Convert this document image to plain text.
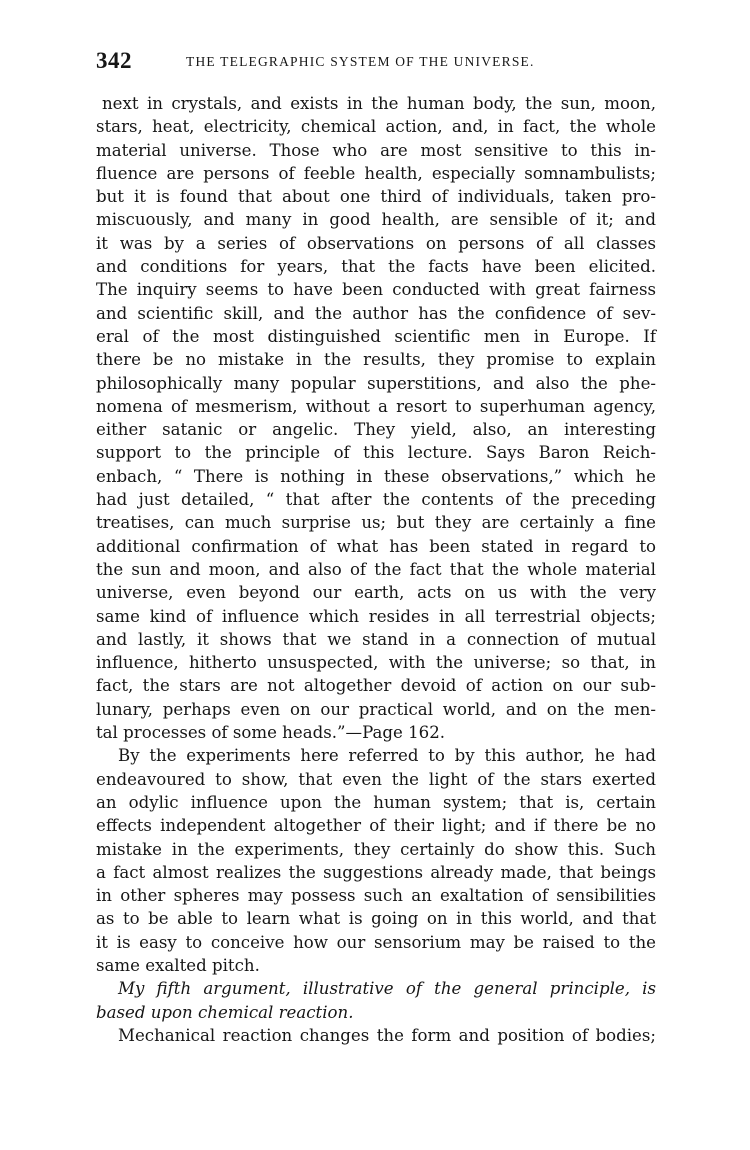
342	THE TELEGRAPHIC SYSTEM OF THE UNIVERSE.
next in crystals, and exists in the human body, the sun, moon,
stars, heat, electricity, chemical action, and, in fact, the whole
material universe. Those who are most sensitive to this in-
fluence are persons of feeble health, especially somnambulists;
but it is found that about one third of individuals, taken pro-
miscuously, and many in good health, are sensible of it; and
it was by a series of observations on persons of all classes
and conditions for years, that the facts have been elicited.
The inquiry seems to have been conducted with great fairness
and scientific skill, and the author has the confidence of sev-
eral of the most distinguished scientific men in Europe. If
there be no mistake in the results, they promise to explain
philosophically many popular superstitions, and also the phe-
nomena of mesmerism, without a resort to superhuman agency,
either satanic or angelic. They yield, also, an interesting
support to the principle of this lecture. Says Baron Reich-
enbach, “ There is nothing in these observations,” which he
had just detailed, “ that after the contents of the preceding
treatises, can much surprise us; but they are certainly a fine
additional confirmation of what has been stated in regard to
the sun and moon, and also of the fact that the whole material
universe, even beyond our earth, acts on us with the very
same kind of influence which resides in all terrestrial objects;
and lastly, it shows that we stand in a connection of mutual
influence, hitherto unsuspected, with the universe; so that, in
fact, the stars are not altogether devoid of action on our sub-
lunary, perhaps even on our practical world, and on the men-
tal processes of some heads.”—Page 162.
By the experiments here referred to by this author, he had
endeavoured to show, that even the light of the stars exerted
an odylic influence upon the human system; that is, certain
effects independent altogether of their light; and if there be no
mistake in the experiments, they certainly do show this. Such
a fact almost realizes the suggestions already made, that beings
in other spheres may possess such an exaltation of sensibilities
as to be able to learn what is going on in this world, and that
it is easy to conceive how our sensorium may be raised to the
same exalted pitch.
My fifth argument, illustrative of the general principle, is
based upon chemical reaction.
Mechanical reaction changes the form and position of bodies;
